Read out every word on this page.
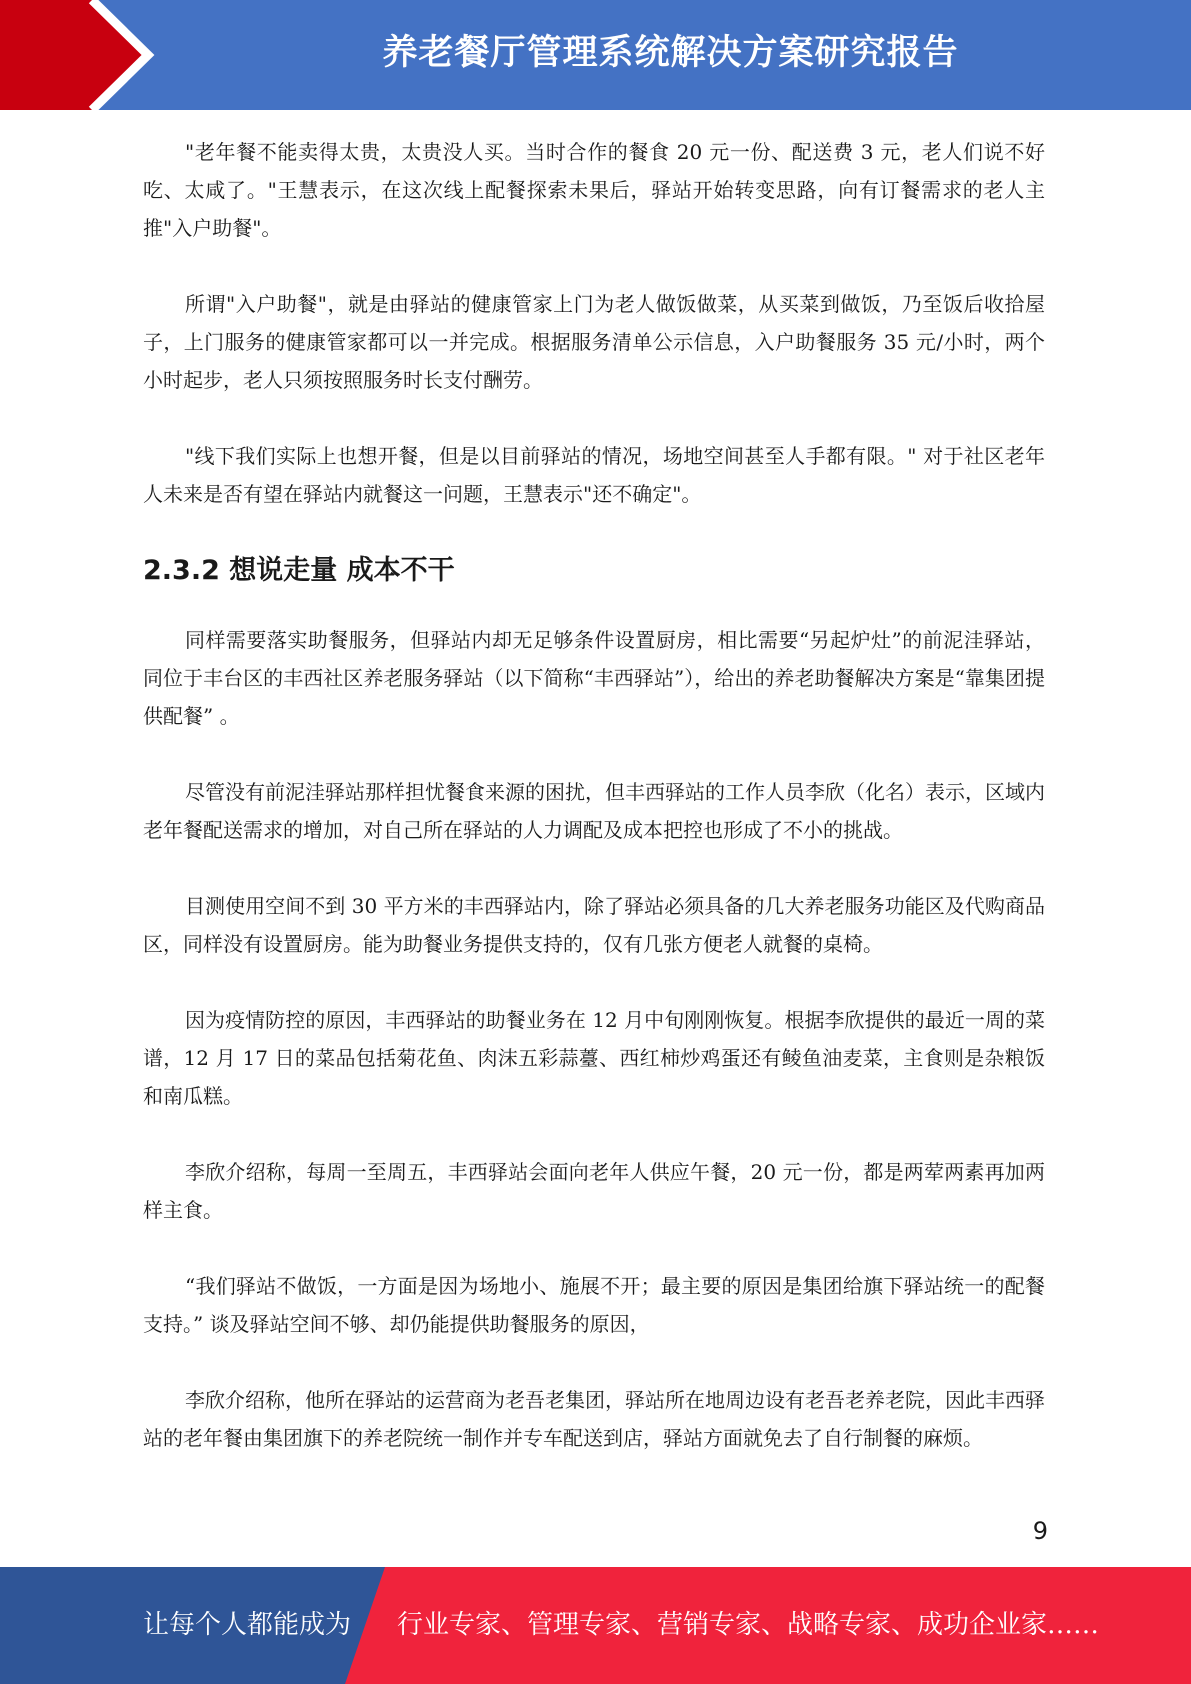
养老餐厅管理系统解决方案研究报告

"老年餐不能卖得太贵，太贵没人买。当时合作的餐食 20 元一份、配送费 3 元，老人们说不好吃、太咸了。"王慧表示，在这次线上配餐探索未果后，驿站开始转变思路，向有订餐需求的老人主推"入户助餐"。

所谓"入户助餐"，就是由驿站的健康管家上门为老人做饭做菜，从买菜到做饭，乃至饭后收拾屋子，上门服务的健康管家都可以一并完成。根据服务清单公示信息，入户助餐服务 35 元/小时，两个小时起步，老人只须按照服务时长支付酬劳。

"线下我们实际上也想开餐，但是以目前驿站的情况，场地空间甚至人手都有限。" 对于社区老年人未来是否有望在驿站内就餐这一问题，王慧表示"还不确定"。

2.3.2 想说走量 成本不干

同样需要落实助餐服务，但驿站内却无足够条件设置厨房，相比需要“另起炉灶”的前泥洼驿站，同位于丰台区的丰西社区养老服务驿站（以下简称“丰西驿站”），给出的养老助餐解决方案是“靠集团提供配餐” 。

尽管没有前泥洼驿站那样担忧餐食来源的困扰，但丰西驿站的工作人员李欣（化名）表示，区域内老年餐配送需求的增加，对自己所在驿站的人力调配及成本把控也形成了不小的挑战。

目测使用空间不到 30 平方米的丰西驿站内，除了驿站必须具备的几大养老服务功能区及代购商品区，同样没有设置厨房。能为助餐业务提供支持的，仅有几张方便老人就餐的桌椅。

因为疫情防控的原因，丰西驿站的助餐业务在 12 月中旬刚刚恢复。根据李欣提供的最近一周的菜谱，12 月 17 日的菜品包括菊花鱼、肉沫五彩蒜薹、西红柿炒鸡蛋还有鲮鱼油麦菜，主食则是杂粮饭和南瓜糕。

李欣介绍称，每周一至周五，丰西驿站会面向老年人供应午餐，20 元一份，都是两荤两素再加两样主食。

“我们驿站不做饭，一方面是因为场地小、施展不开；最主要的原因是集团给旗下驿站统一的配餐支持。” 谈及驿站空间不够、却仍能提供助餐服务的原因，

李欣介绍称，他所在驿站的运营商为老吾老集团，驿站所在地周边设有老吾老养老院，因此丰西驿站的老年餐由集团旗下的养老院统一制作并专车配送到店，驿站方面就免去了自行制餐的麻烦。

9
让每个人都能成为 行业专家、管理专家、营销专家、战略专家、成功企业家……
